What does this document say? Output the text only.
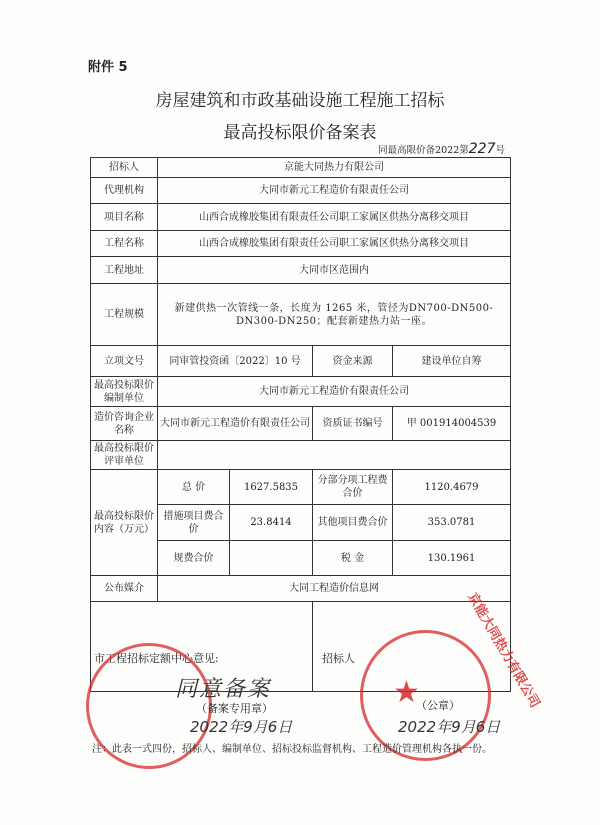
附件 5
房屋建筑和市政基础设施工程施工招标
最高投标限价备案表
同最高限价备2022第227号
招标人	京能大同热力有限公司			
代理机构	大同市新元工程造价有限责任公司			
项目名称	山西合成橡胶集团有限责任公司职工家属区供热分离移交项目			
工程名称	山西合成橡胶集团有限责任公司职工家属区供热分离移交项目			
工程地址	大同市区范围内			
工程规模	新建供热一次管线一条，长度为 1265 米，管径为DN700-DN500-DN300-DN250；配套新建热力站一座。			
立项文号	同审管投资函〔2022〕10 号		资金来源	建设单位自筹
最高投标限价编制单位	大同市新元工程造价有限责任公司			
造价咨询企业名称	大同市新元工程造价有限责任公司		资质证书编号	甲 001914004539
最高投标限价评审单位				
最高投标限价内容（万元）	总 价	1627.5835	分部分项工程费合价	1120.4679
	措施项目费合价	23.8414	其他项目费合价	353.0781
	规费合价		税 金	130.1961
公布媒介	大同工程造价信息网			

市工程招标定额中心意见:	招标人
同意备案
（备案专用章）
2022年9月6日
★	京能大同热力有限公司
（公章）
2022年9月6日
注：此表一式四份，招标人、编制单位、招标投标监督机构、工程造价管理机构各执一份。
